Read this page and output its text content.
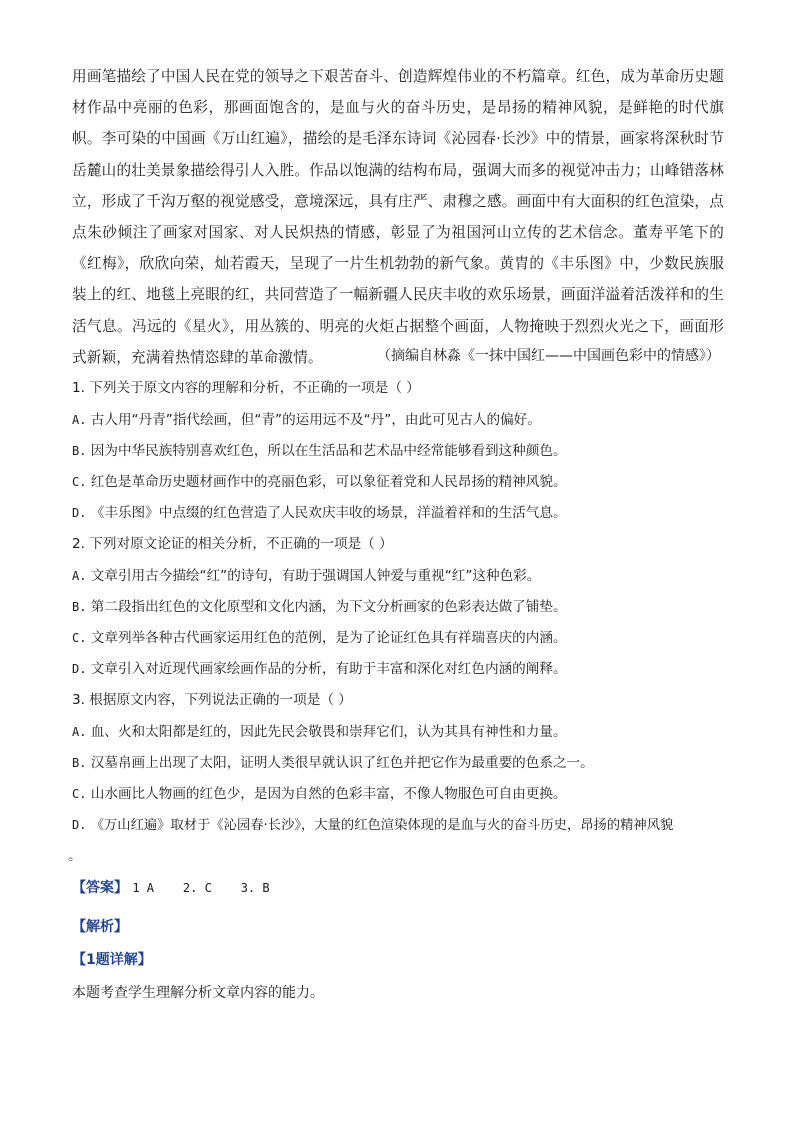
用画笔描绘了中国人民在党的领导之下艰苦奋斗、创造辉煌伟业的不朽篇章。红色，成为革命历史题材作品中亮丽的色彩，那画面饱含的，是血与火的奋斗历史，是昂扬的精神风貌，是鲜艳的时代旗帜。李可染的中国画《万山红遍》，描绘的是毛泽东诗词《沁园春·长沙》中的情景，画家将深秋时节岳麓山的壮美景象描绘得引人入胜。作品以饱满的结构布局，强调大而多的视觉冲击力；山峰错落林立，形成了千沟万壑的视觉感受，意境深远，具有庄严、肃穆之感。画面中有大面积的红色渲染，点点朱砂倾注了画家对国家、对人民炽热的情感，彰显了为祖国河山立传的艺术信念。董寿平笔下的《红梅》，欣欣向荣，灿若霞天，呈现了一片生机勃勃的新气象。黄胄的《丰乐图》中，少数民族服装上的红、地毯上亮眼的红，共同营造了一幅新疆人民庆丰收的欢乐场景，画面洋溢着活泼祥和的生活气息。冯远的《星火》，用丛簇的、明亮的火炬占据整个画面，人物掩映于烈烈火光之下，画面形式新颖，充满着热情恣肆的革命激情。	（摘编自林淼《一抹中国红——中国画色彩中的情感》）
1. 下列关于原文内容的理解和分析，不正确的一项是（ ）
A. 古人用“丹青”指代绘画，但“青”的运用远不及“丹”，由此可见古人的偏好。
B. 因为中华民族特别喜欢红色，所以在生活品和艺术品中经常能够看到这种颜色。
C. 红色是革命历史题材画作中的亮丽色彩，可以象征着党和人民昂扬的精神风貌。
D. 《丰乐图》中点缀的红色营造了人民欢庆丰收的场景，洋溢着祥和的生活气息。
2. 下列对原文论证的相关分析，不正确的一项是（ ）
A. 文章引用古今描绘“红”的诗句，有助于强调国人钟爱与重视“红”这种色彩。
B. 第二段指出红色的文化原型和文化内涵，为下文分析画家的色彩表达做了铺垫。
C. 文章列举各种古代画家运用红色的范例，是为了论证红色具有祥瑞喜庆的内涵。
D. 文章引入对近现代画家绘画作品的分析，有助于丰富和深化对红色内涵的阐释。
3. 根据原文内容，下列说法正确的一项是（ ）
A. 血、火和太阳都是红的，因此先民会敬畏和崇拜它们，认为其具有神性和力量。
B. 汉墓帛画上出现了太阳，证明人类很早就认识了红色并把它作为最重要的色系之一。
C. 山水画比人物画的红色少，是因为自然的色彩丰富，不像人物服色可自由更换。
D. 《万山红遍》取材于《沁园春·长沙》，大量的红色渲染体现的是血与火的奋斗历史，昂扬的精神风貌
。
【答案】 1 A    2. C    3. B
【解析】
【1题详解】
本题考查学生理解分析文章内容的能力。
